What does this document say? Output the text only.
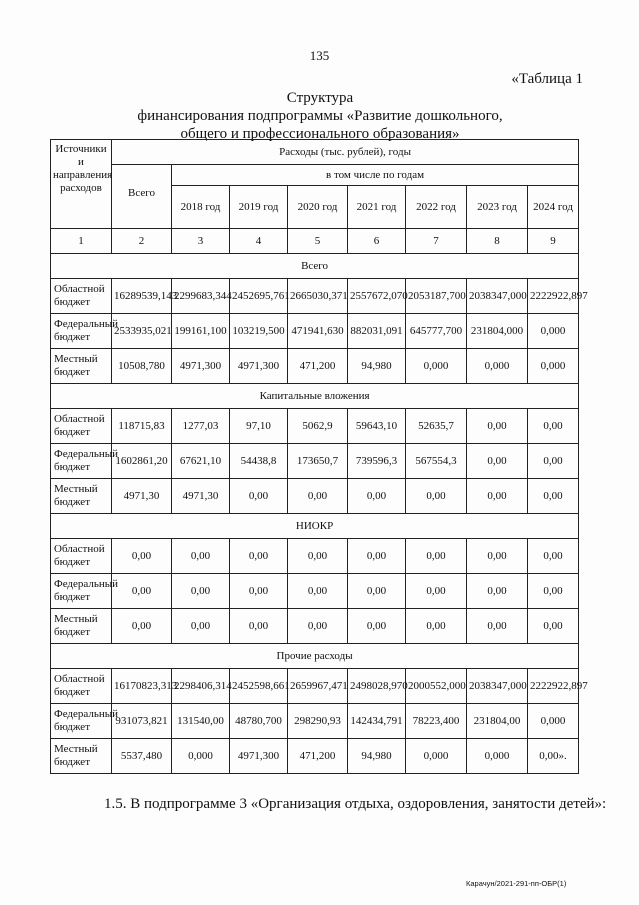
135
«Таблица 1
Структура
финансирования подпрограммы «Развитие дошкольного,
общего и профессионального образования»
Источники и направления расходов	Расходы (тыс. рублей), годы							
	Всего	в том числе по годам						
		2018 год	2019 год	2020 год	2021 год	2022 год	2023 год	2024 год
1	2	3	4	5	6	7	8	9
Всего								
Областной бюджет	16289539,143	2299683,344	2452695,761	2665030,371	2557672,070	2053187,700	2038347,000	2222922,897
Федеральный бюджет	2533935,021	199161,100	103219,500	471941,630	882031,091	645777,700	231804,000	0,000
Местный бюджет	10508,780	4971,300	4971,300	471,200	94,980	0,000	0,000	0,000
Капитальные вложения								
Областной бюджет	118715,83	1277,03	97,10	5062,9	59643,10	52635,7	0,00	0,00
Федеральный бюджет	1602861,20	67621,10	54438,8	173650,7	739596,3	567554,3	0,00	0,00
Местный бюджет	4971,30	4971,30	0,00	0,00	0,00	0,00	0,00	0,00
НИОКР								
Областной бюджет	0,00	0,00	0,00	0,00	0,00	0,00	0,00	0,00
Федеральный бюджет	0,00	0,00	0,00	0,00	0,00	0,00	0,00	0,00
Местный бюджет	0,00	0,00	0,00	0,00	0,00	0,00	0,00	0,00
Прочие расходы								
Областной бюджет	16170823,313	2298406,314	2452598,661	2659967,471	2498028,970	2000552,000	2038347,000	2222922,897
Федеральный бюджет	931073,821	131540,00	48780,700	298290,93	142434,791	78223,400	231804,00	0,000
Местный бюджет	5537,480	0,000	4971,300	471,200	94,980	0,000	0,000	0,00».
1.5. В подпрограмме 3 «Организация отдыха, оздоровления, занятости детей»:
Карачун/2021-291-пп-ОБР(1)
